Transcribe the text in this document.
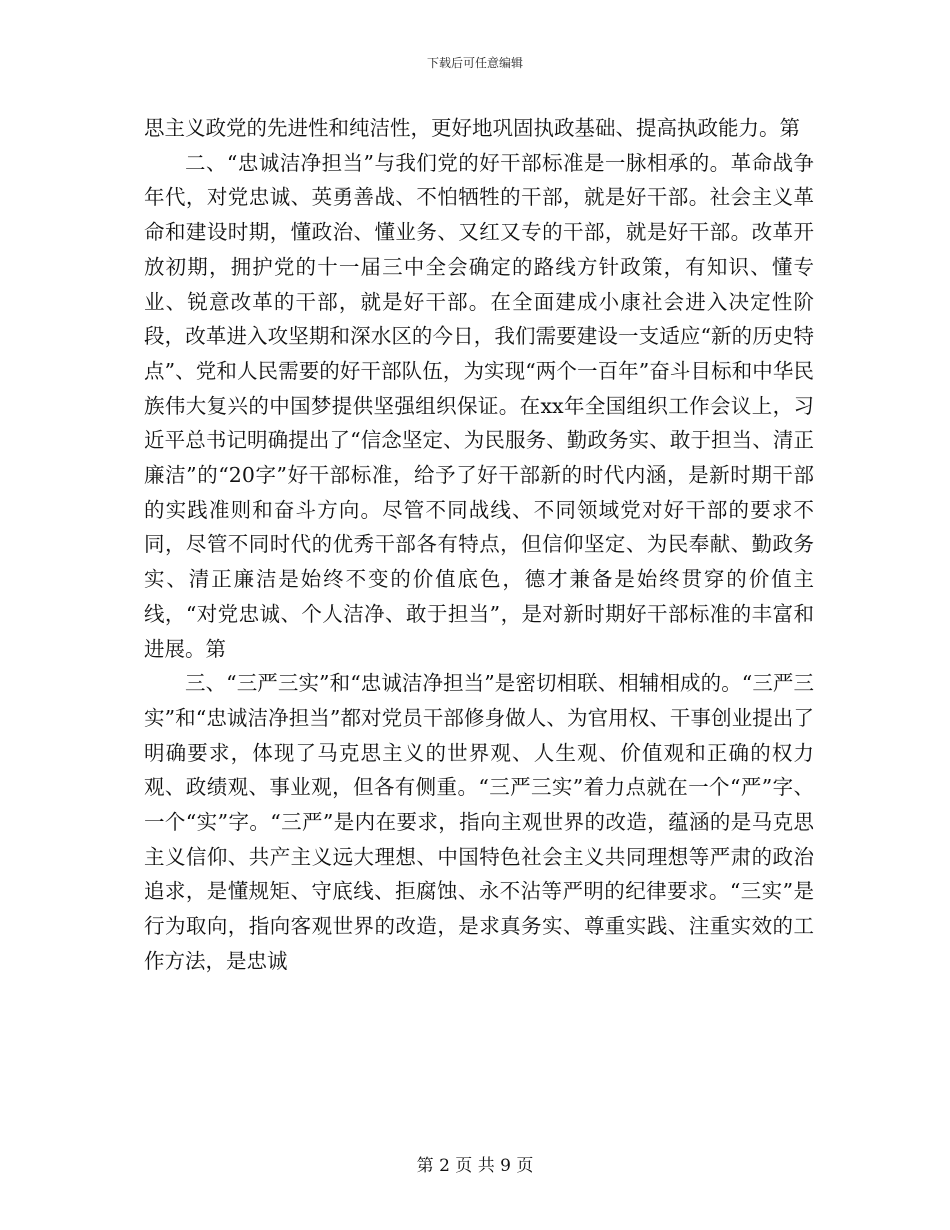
下载后可任意编辑

思主义政党的先进性和纯洁性，更好地巩固执政基础、提高执政能力。第

二、“忠诚洁净担当”与我们党的好干部标准是一脉相承的。革命战争年代，对党忠诚、英勇善战、不怕牺牲的干部，就是好干部。社会主义革命和建设时期，懂政治、懂业务、又红又专的干部，就是好干部。改革开放初期，拥护党的十一届三中全会确定的路线方针政策，有知识、懂专业、锐意改革的干部，就是好干部。在全面建成小康社会进入决定性阶段，改革进入攻坚期和深水区的今日，我们需要建设一支适应“新的历史特点”、党和人民需要的好干部队伍，为实现“两个一百年”奋斗目标和中华民族伟大复兴的中国梦提供坚强组织保证。在xx年全国组织工作会议上，习近平总书记明确提出了“信念坚定、为民服务、勤政务实、敢于担当、清正廉洁”的“20字”好干部标准，给予了好干部新的时代内涵，是新时期干部的实践准则和奋斗方向。尽管不同战线、不同领域党对好干部的要求不同，尽管不同时代的优秀干部各有特点，但信仰坚定、为民奉献、勤政务实、清正廉洁是始终不变的价值底色，德才兼备是始终贯穿的价值主线，“对党忠诚、个人洁净、敢于担当”，是对新时期好干部标准的丰富和进展。第

三、“三严三实”和“忠诚洁净担当”是密切相联、相辅相成的。“三严三实”和“忠诚洁净担当”都对党员干部修身做人、为官用权、干事创业提出了明确要求，体现了马克思主义的世界观、人生观、价值观和正确的权力观、政绩观、事业观，但各有侧重。“三严三实”着力点就在一个“严”字、一个“实”字。“三严”是内在要求，指向主观世界的改造，蕴涵的是马克思主义信仰、共产主义远大理想、中国特色社会主义共同理想等严肃的政治追求，是懂规矩、守底线、拒腐蚀、永不沾等严明的纪律要求。“三实”是行为取向，指向客观世界的改造，是求真务实、尊重实践、注重实效的工作方法，是忠诚

第 2 页 共 9 页
